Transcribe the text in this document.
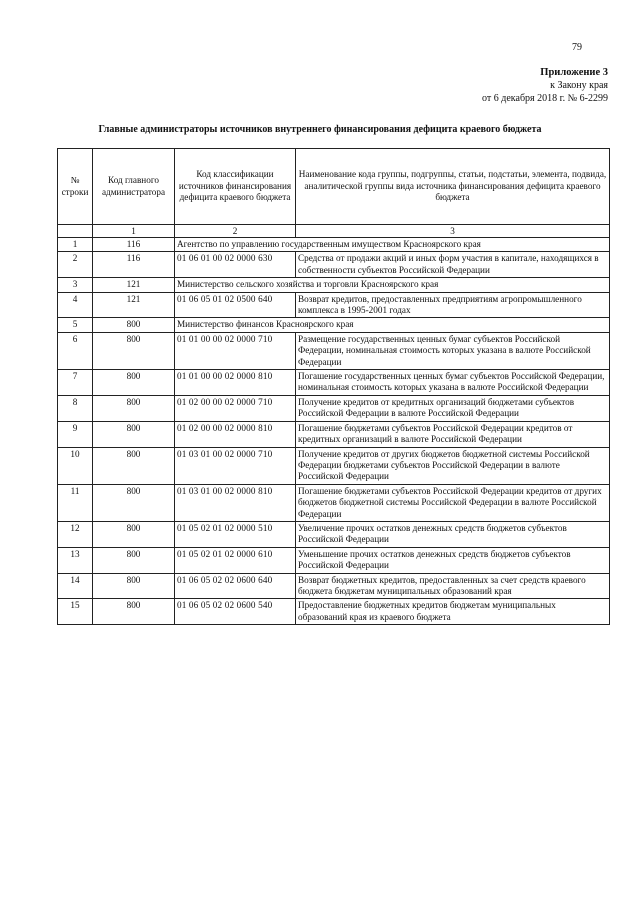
79
Приложение 3
к Закону края
от 6 декабря 2018 г. № 6-2299
Главные администраторы источников внутреннего финансирования дефицита краевого бюджета
№ строки	Код главного администратора	Код классификации источников финансирования дефицита краевого бюджета	Наименование кода группы, подгруппы, статьи, подстатьи, элемента, подвида, аналитической группы вида источника финансирования дефицита краевого бюджета
	1	2	3
1	116	Агентство по управлению государственным имуществом Красноярского края	
2	116	01 06 01 00 02 0000 630	Средства от продажи акций и иных форм участия в капитале, находящихся в собственности субъектов Российской Федерации
3	121	Министерство сельского хозяйства и торговли Красноярского края	
4	121	01 06 05 01 02 0500 640	Возврат кредитов, предоставленных предприятиям агропромышленного комплекса в 1995-2001 годах
5	800	Министерство финансов Красноярского края	
6	800	01 01 00 00 02 0000 710	Размещение государственных ценных бумаг субъектов Российской Федерации, номинальная стоимость которых указана в валюте Российской Федерации
7	800	01 01 00 00 02 0000 810	Погашение государственных ценных бумаг субъектов Российской Федерации, номинальная стоимость которых указана в валюте Российской Федерации
8	800	01 02 00 00 02 0000 710	Получение кредитов от кредитных организаций бюджетами субъектов Российской Федерации в валюте Российской Федерации
9	800	01 02 00 00 02 0000 810	Погашение бюджетами субъектов Российской Федерации кредитов от кредитных организаций в валюте Российской Федерации
10	800	01 03 01 00 02 0000 710	Получение кредитов от других бюджетов бюджетной системы Российской Федерации бюджетами субъектов Российской Федерации в валюте Российской Федерации
11	800	01 03 01 00 02 0000 810	Погашение бюджетами субъектов Российской Федерации кредитов от других бюджетов бюджетной системы Российской Федерации в валюте Российской Федерации
12	800	01 05 02 01 02 0000 510	Увеличение прочих остатков денежных средств бюджетов субъектов Российской Федерации
13	800	01 05 02 01 02 0000 610	Уменьшение прочих остатков денежных средств бюджетов субъектов Российской Федерации
14	800	01 06 05 02 02 0600 640	Возврат бюджетных кредитов, предоставленных за счет средств краевого бюджета бюджетам муниципальных образований края
15	800	01 06 05 02 02 0600 540	Предоставление бюджетных кредитов бюджетам муниципальных образований края из краевого бюджета
